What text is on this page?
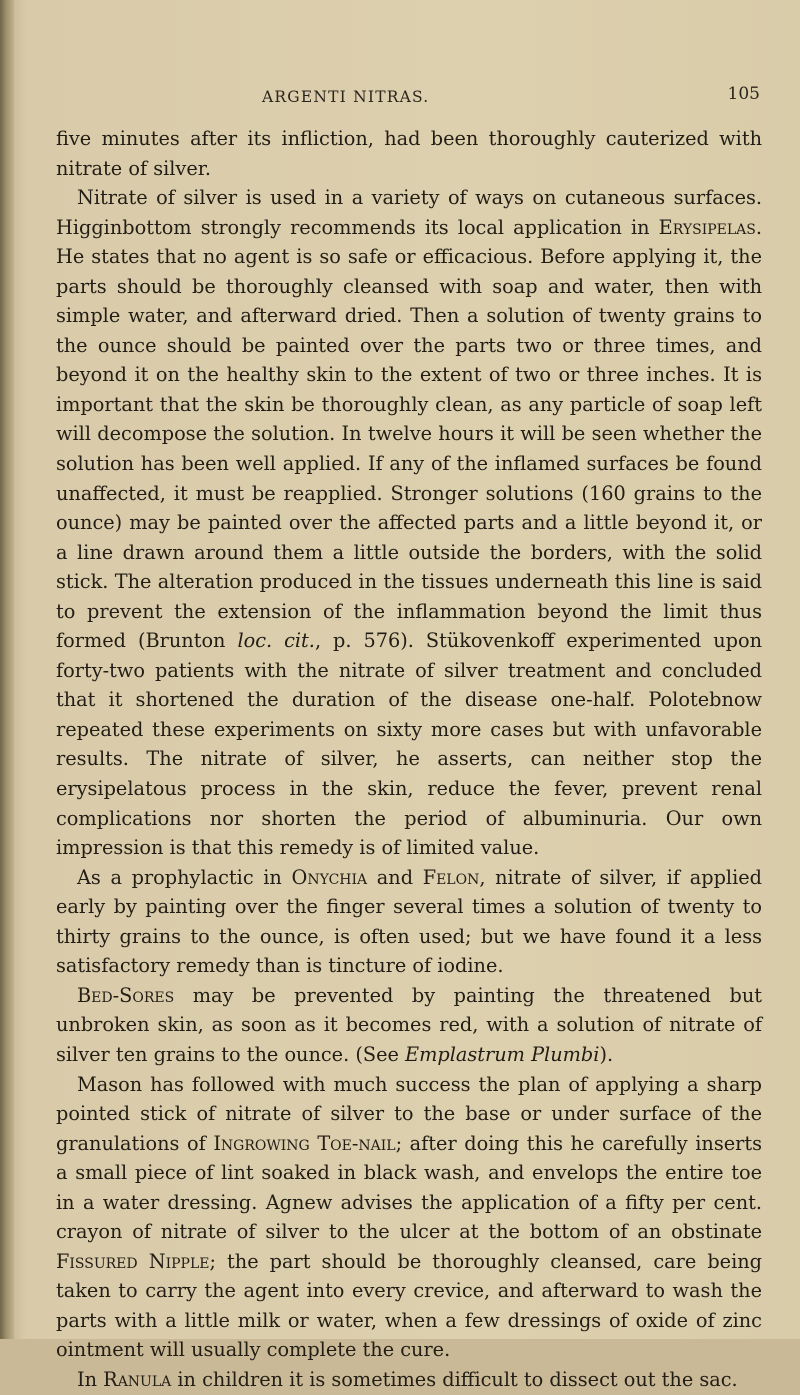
ARGENTI NITRAS.	105

five minutes after its infliction, had been thoroughly cauterized with nitrate of silver.

Nitrate of silver is used in a variety of ways on cutaneous surfaces. Higginbottom strongly recommends its local application in Erysipelas. He states that no agent is so safe or efficacious. Before applying it, the parts should be thoroughly cleansed with soap and water, then with simple water, and afterward dried. Then a solution of twenty grains to the ounce should be painted over the parts two or three times, and beyond it on the healthy skin to the extent of two or three inches. It is important that the skin be thoroughly clean, as any particle of soap left will decompose the solution. In twelve hours it will be seen whether the solution has been well applied. If any of the inflamed surfaces be found unaffected, it must be reapplied. Stronger solutions (160 grains to the ounce) may be painted over the affected parts and a little beyond it, or a line drawn around them a little outside the borders, with the solid stick. The alteration produced in the tissues underneath this line is said to prevent the extension of the inflammation beyond the limit thus formed (Brunton loc. cit., p. 576). Stükovenkoff experimented upon forty-two patients with the nitrate of silver treatment and concluded that it shortened the duration of the disease one-half. Polotebnow repeated these experiments on sixty more cases but with unfavorable results. The nitrate of silver, he asserts, can neither stop the erysipelatous process in the skin, reduce the fever, prevent renal complications nor shorten the period of albuminuria. Our own impression is that this remedy is of limited value.

As a prophylactic in Onychia and Felon, nitrate of silver, if applied early by painting over the finger several times a solution of twenty to thirty grains to the ounce, is often used; but we have found it a less satisfactory remedy than is tincture of iodine.

Bed-Sores may be prevented by painting the threatened but unbroken skin, as soon as it becomes red, with a solution of nitrate of silver ten grains to the ounce. (See Emplastrum Plumbi).

Mason has followed with much success the plan of applying a sharp pointed stick of nitrate of silver to the base or under surface of the granulations of Ingrowing Toe-nail; after doing this he carefully inserts a small piece of lint soaked in black wash, and envelops the entire toe in a water dressing. Agnew advises the application of a fifty per cent. crayon of nitrate of silver to the ulcer at the bottom of an obstinate Fissured Nipple; the part should be thoroughly cleansed, care being taken to carry the agent into every crevice, and afterward to wash the parts with a little milk or water, when a few dressings of oxide of zinc ointment will usually complete the cure.

In Ranula in children it is sometimes difficult to dissect out the sac.
